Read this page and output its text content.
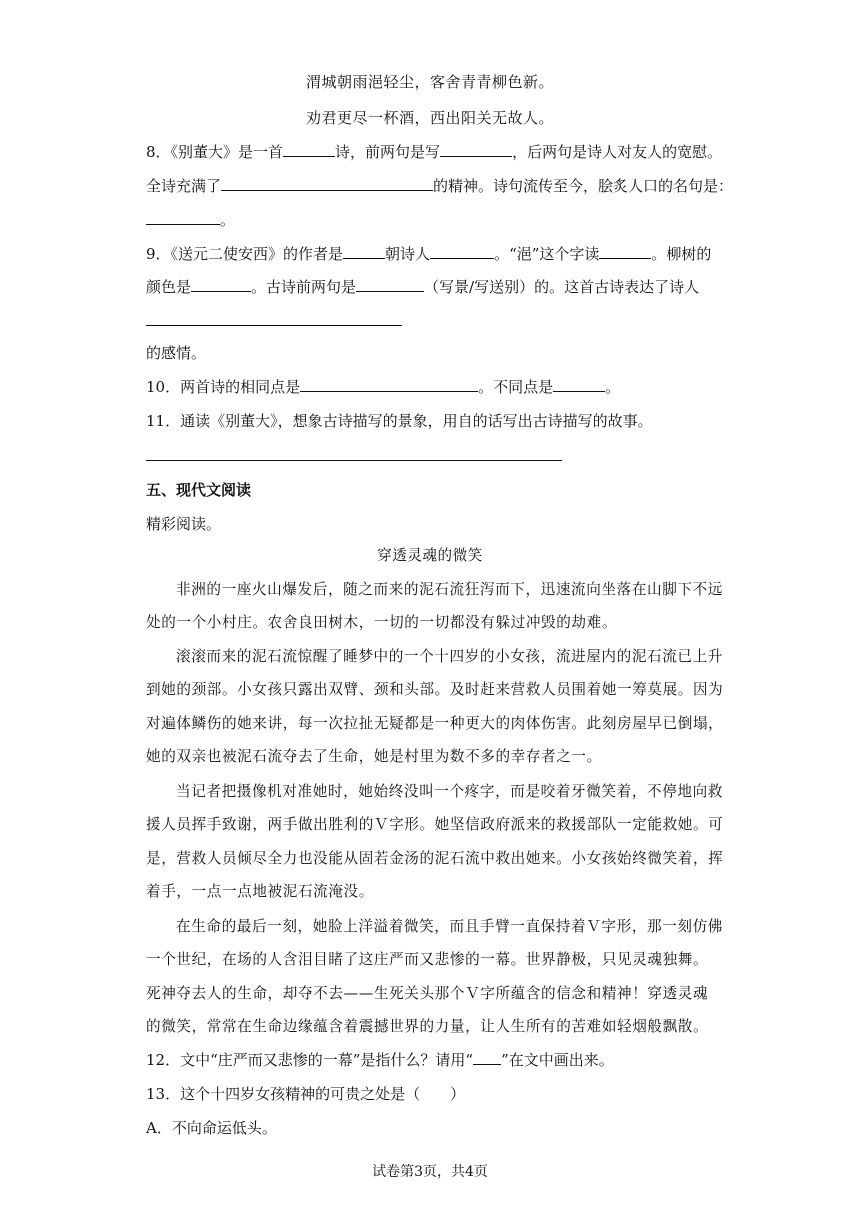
渭城朝雨浥轻尘，客舍青青柳色新。
劝君更尽一杯酒，西出阳关无故人。
8．《别董大》是一首	诗，前两句是写	，后两句是诗人对友人的宽慰。
全诗充满了	的精神。诗句流传至今，脍炙人口的名句是：
。
9．《送元二使安西》的作者是	朝诗人	。“浥”这个字读	。柳树的
颜色是	。古诗前两句是	（写景/写送别）的。这首古诗表达了诗人
的感情。
10．两首诗的相同点是	。不同点是	。
11．通读《别董大》，想象古诗描写的景象，用自的话写出古诗描写的故事。
五、现代文阅读
精彩阅读。
穿透灵魂的微笑
非洲的一座火山爆发后，随之而来的泥石流狂泻而下，迅速流向坐落在山脚下不远
处的一个小村庄。农舍良田树木，一切的一切都没有躲过冲毁的劫难。
滚滚而来的泥石流惊醒了睡梦中的一个十四岁的小女孩，流进屋内的泥石流已上升
到她的颈部。小女孩只露出双臂、颈和头部。及时赶来营救人员围着她一筹莫展。因为
对遍体鳞伤的她来讲，每一次拉扯无疑都是一种更大的肉体伤害。此刻房屋早已倒塌，
她的双亲也被泥石流夺去了生命，她是村里为数不多的幸存者之一。
当记者把摄像机对准她时，她始终没叫一个疼字，而是咬着牙微笑着，不停地向救
援人员挥手致谢，两手做出胜利的Ｖ字形。她坚信政府派来的救援部队一定能救她。可
是，营救人员倾尽全力也没能从固若金汤的泥石流中救出她来。小女孩始终微笑着，挥
着手，一点一点地被泥石流淹没。
在生命的最后一刻，她脸上洋溢着微笑，而且手臂一直保持着Ｖ字形，那一刻仿佛
一个世纪，在场的人含泪目睹了这庄严而又悲惨的一幕。世界静极，只见灵魂独舞。
死神夺去人的生命，却夺不去——生死关头那个Ｖ字所蕴含的信念和精神！穿透灵魂
的微笑，常常在生命边缘蕴含着震撼世界的力量，让人生所有的苦难如轻烟般飘散。
12．文中“庄严而又悲惨的一幕”是指什么？请用“ ”在文中画出来。
13．这个十四岁女孩精神的可贵之处是（　　）
A．不向命运低头。
试卷第3页，共4页
